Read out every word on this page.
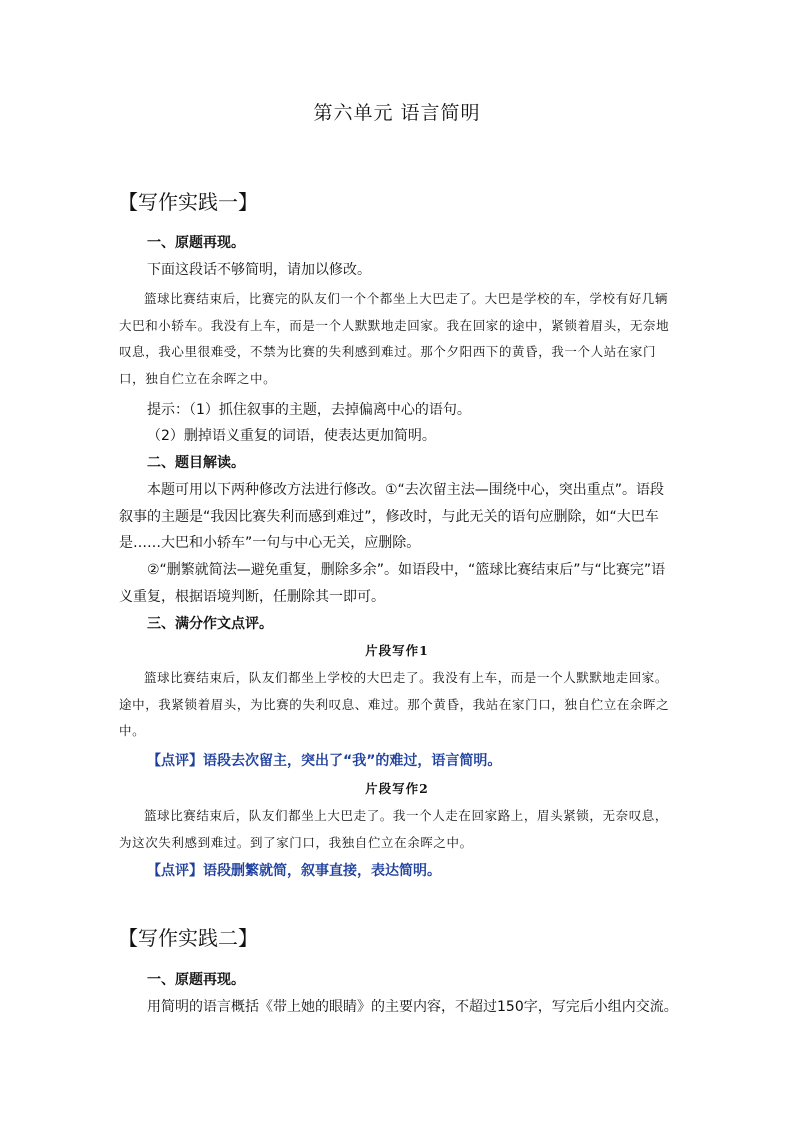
第六单元 语言简明
【写作实践一】

一、原题再现。

下面这段话不够简明，请加以修改。

篮球比赛结束后，比赛完的队友们一个个都坐上大巴走了。大巴是学校的车，学校有好几辆大巴和小轿车。我没有上车，而是一个人默默地走回家。我在回家的途中，紧锁着眉头，无奈地叹息，我心里很难受，不禁为比赛的失利感到难过。那个夕阳西下的黄昏，我一个人站在家门口，独自伫立在余晖之中。

提示：（1）抓住叙事的主题，去掉偏离中心的语句。

（2）删掉语义重复的词语，使表达更加简明。

二、题目解读。

本题可用以下两种修改方法进行修改。①“去次留主法—围绕中心，突出重点”。语段叙事的主题是“我因比赛失利而感到难过”，修改时，与此无关的语句应删除，如“大巴车是……大巴和小轿车”一句与中心无关，应删除。

②“删繁就简法—避免重复，删除多余”。如语段中，“篮球比赛结束后”与“比赛完”语义重复，根据语境判断，任删除其一即可。

三、满分作文点评。

片段写作1

篮球比赛结束后，队友们都坐上学校的大巴走了。我没有上车，而是一个人默默地走回家。途中，我紧锁着眉头，为比赛的失利叹息、难过。那个黄昏，我站在家门口，独自伫立在余晖之中。

【点评】语段去次留主，突出了“我”的难过，语言简明。

片段写作2

篮球比赛结束后，队友们都坐上大巴走了。我一个人走在回家路上，眉头紧锁，无奈叹息，为这次失利感到难过。到了家门口，我独自伫立在余晖之中。

【点评】语段删繁就简，叙事直接，表达简明。

【写作实践二】

一、原题再现。

用简明的语言概括《带上她的眼睛》的主要内容，不超过150字，写完后小组内交流。
